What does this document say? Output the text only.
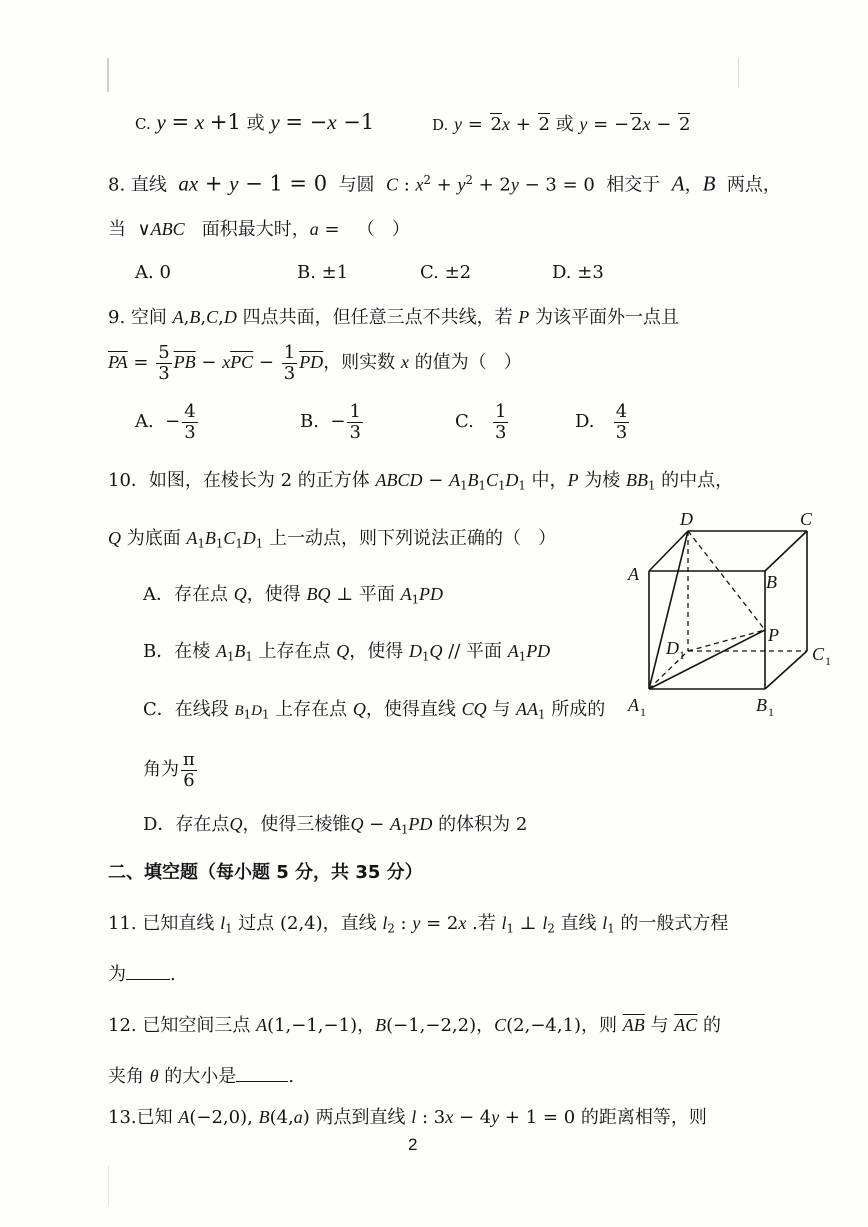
C. y = x +1 或 y = −x −1	D. y = 2x + 2 或 y = − 2x − 2
8. 直线  ax + y − 1 = 0  与圆  C : $x^2 + y^2 + 2y - 3 = 0$  相交于  A，B  两点，
当  ∨ABC   面积最大时，a =   （   ）
A. 0	B. ±1	C. ±2	D. ±3
9. 空间 A,B,C,D 四点共面，但任意三点不共线，若 P 为该平面外一点且
$\overline{PA} = \frac{5}{3} \overline{PB} - x\overline{PC} - \frac{1}{3} \overline{PD}$，则实数 x 的值为（   ）
A.  − $\frac{4}{3}$	B.  − $\frac{1}{3}$	C. $\frac{1}{3}$	D. $\frac{4}{3}$
10．如图，在棱长为 2 的正方体 ABCD − $A_1B_1C_1D_1$ 中，P 为棱 $BB_1$ 的中点，
Q 为底面 $A_1B_1C_1D_1$ 上一动点，则下列说法正确的（   ）
A．存在点 Q，使得 BQ ⊥ 平面 $A_1PD$
B．在棱 $A_1B_1$ 上存在点 Q，使得 $D_1Q$ // 平面 $A_1PD$
C．在线段 $B_1D_1$ 上存在点 Q，使得直线 CQ 与 $AA_1$ 所成的
角为 $\frac{\pi}{6}$
D．存在点Q，使得三棱锥$Q - A_1PD$ 的体积为 2
D	C
A	B
P
D 1	C 1
A 1	B 1
二、填空题（每小题 5 分，共 35 分）
11. 已知直线 $l_1$ 过点 (2,4)，直线 $l_2$ : y = 2x .若 $l_1$ ⊥ $l_2$ 直线 $l_1$ 的一般式方程
为 .
12. 已知空间三点 A(1,−1,−1)，B(−1,−2,2)，C(2,−4,1)，则 $\overline{AB}$ 与 $\overline{AC}$ 的
夹角 θ 的大小是	.
13.已知 A(−2,0), B(4,a) 两点到直线 l : 3x − 4y + 1 = 0 的距离相等，则
2
